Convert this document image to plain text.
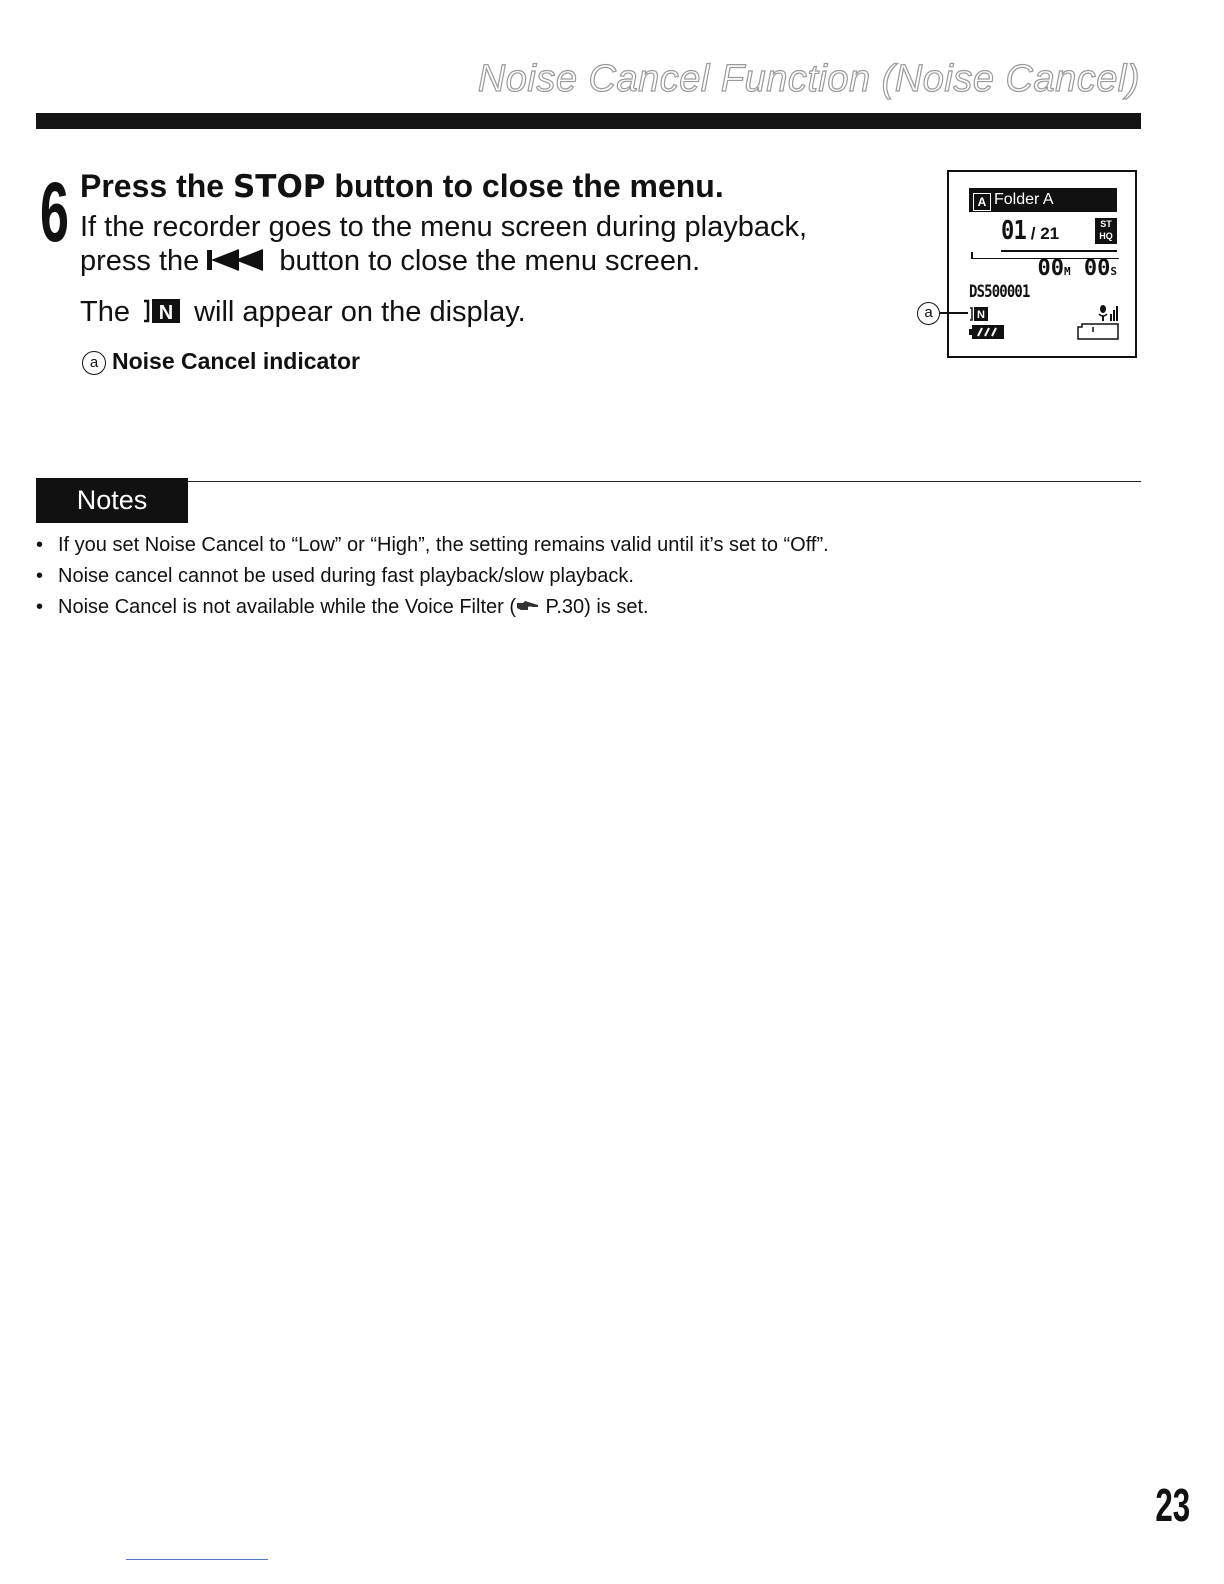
Noise Cancel Function (Noise Cancel)
6 Press the STOP button to close the menu.
If the recorder goes to the menu screen during playback,
press the  button to close the menu screen.
The N will appear on the display.
a Noise Cancel indicator
A Folder A
01 / 21	ST
HQ
00M 00S
DS500001
N
a
Notes
• If you set Noise Cancel to “Low” or “High”, the setting remains valid until it’s set to “Off”.
• Noise cancel cannot be used during fast playback/slow playback.
• Noise Cancel is not available while the Voice Filter ( P.30) is set.
23
